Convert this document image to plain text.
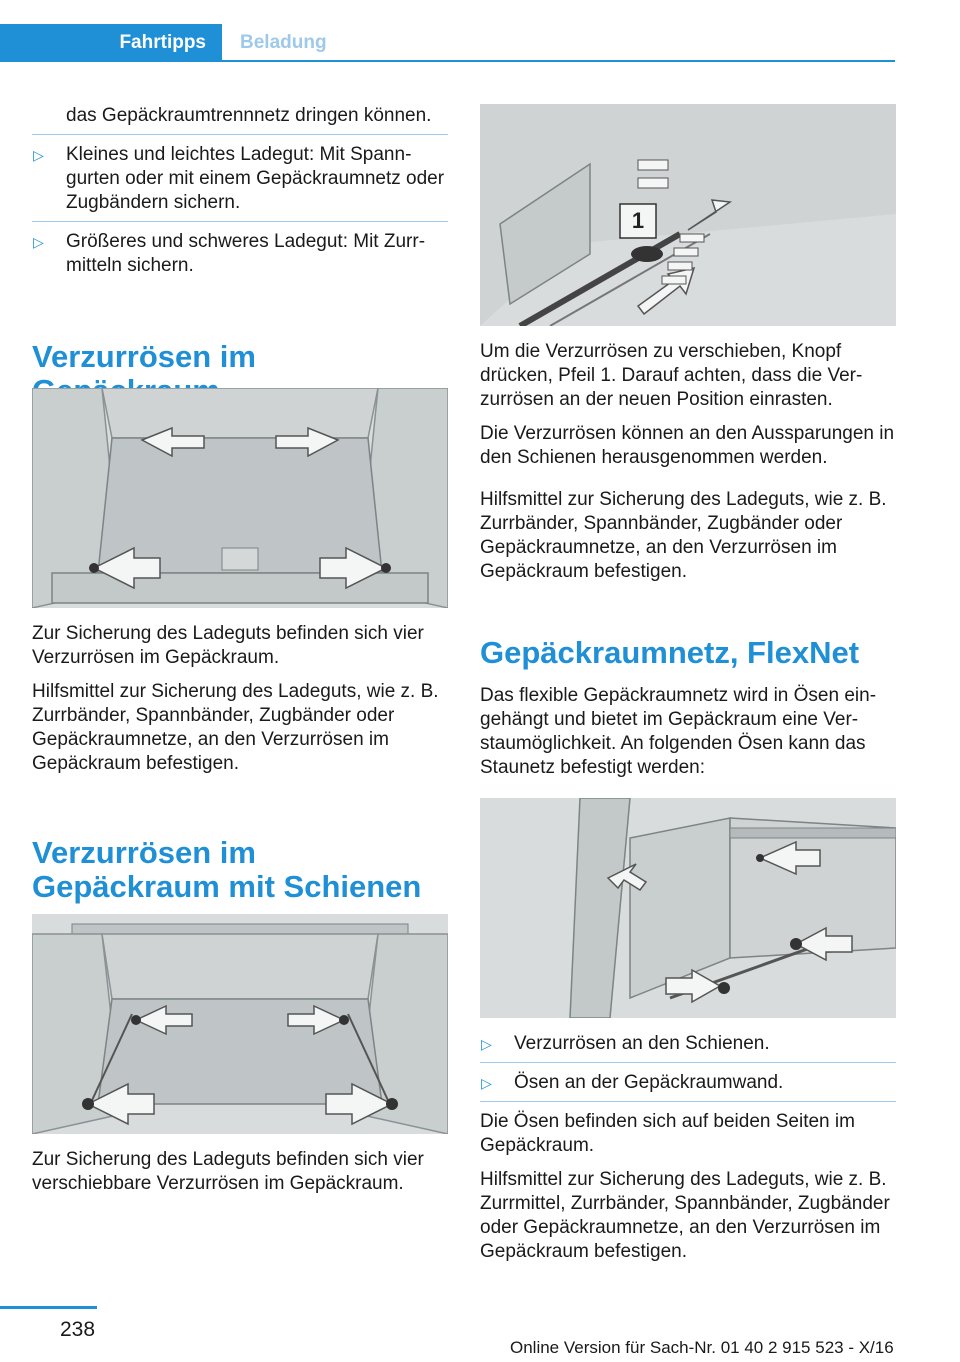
Fahrtipps	Beladung

das Gepäckraumtrennnetz dringen können.

▷ Kleines und leichtes Ladegut: Mit Spanngurten oder mit einem Gepäckraumnetz oder Zugbändern sichern.
▷ Größeres und schweres Ladegut: Mit Zurrmitteln sichern.
Verzurrösen im

Zur Sicherung des Ladeguts befinden sich vier Verzurrösen im Gepäckraum.

Hilfsmittel zur Sicherung des Ladeguts, wie z. B. Zurrbänder, Spannbänder, Zugbänder oder Gepäckraumnetze, an den Verzurrösen im Gepäckraum befestigen.

Verzurrösen im Gepäckraum mit Schienen

Zur Sicherung des Ladeguts befinden sich vier verschiebbare Verzurrösen im Gepäckraum.

1

Um die Verzurrösen zu verschieben, Knopf drücken, Pfeil 1. Darauf achten, dass die Verzurrösen an der neuen Position einrasten.

Die Verzurrösen können an den Aussparungen in den Schienen herausgenommen werden.

Hilfsmittel zur Sicherung des Ladeguts, wie z. B. Zurrbänder, Spannbänder, Zugbänder oder Gepäckraumnetze, an den Verzurrösen im Gepäckraum befestigen.

Gepäckraumnetz, FlexNet

Das flexible Gepäckraumnetz wird in Ösen eingehängt und bietet im Gepäckraum eine Verstaumöglichkeit. An folgenden Ösen kann das Staunetz befestigt werden:

▷ Verzurrösen an den Schienen.
▷ Ösen an der Gepäckraumwand.

Die Ösen befinden sich auf beiden Seiten im Gepäckraum.

Hilfsmittel zur Sicherung des Ladeguts, wie z. B. Zurrmittel, Zurrbänder, Spannbänder, Zugbänder oder Gepäckraumnetze, an den Verzurrösen im Gepäckraum befestigen.

238
Online Version für Sach-Nr. 01 40 2 915 523 - X/16
